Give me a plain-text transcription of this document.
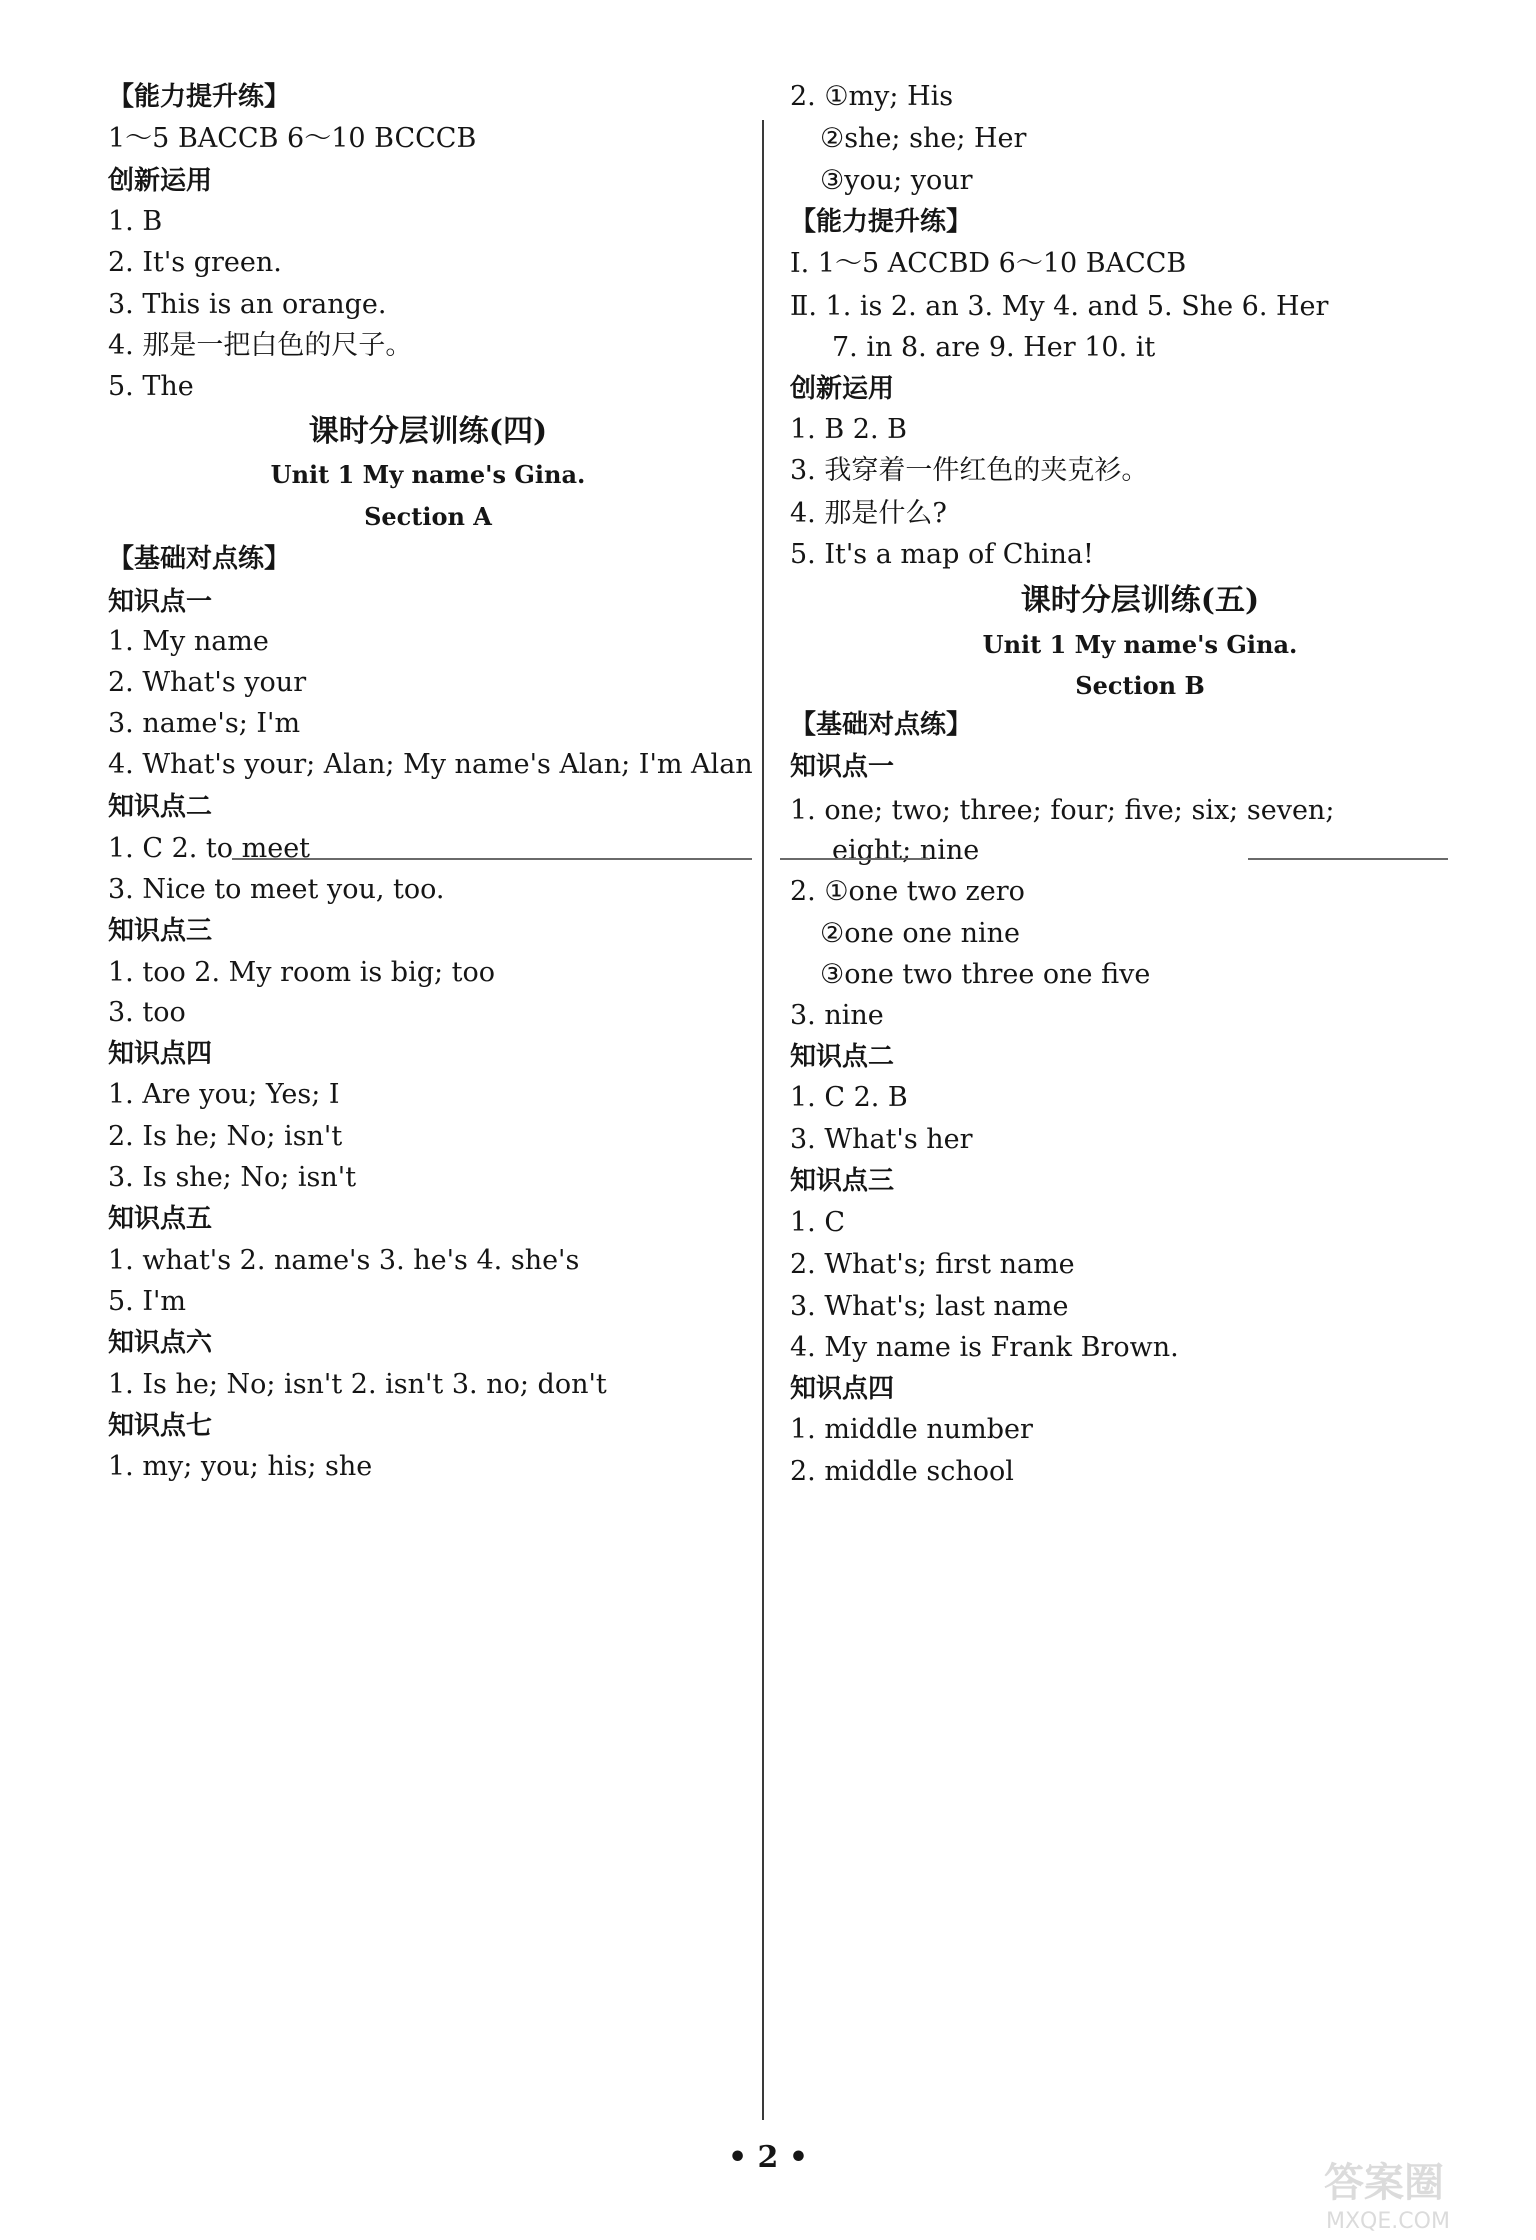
【能力提升练】
1～5 BACCB 6～10 BCCCB
创新运用
1. B
2. It's green.
3. This is an orange.
4. 那是一把白色的尺子。
5. The
课时分层训练(四)
Unit 1 My name's Gina.
Section A
【基础对点练】
知识点一
1. My name
2. What's your
3. name's; I'm
4. What's your; Alan; My name's Alan; I'm Alan
知识点二
1. C 2. to meet
3. Nice to meet you, too.
知识点三
1. too 2. My room is big; too
3. too
知识点四
1. Are you; Yes; I
2. Is he; No; isn't
3. Is she; No; isn't
知识点五
1. what's 2. name's 3. he's 4. she's
5. I'm
知识点六
1. Is he; No; isn't 2. isn't 3. no; don't
知识点七
1. my; you; his; she
2. ①my; His
②she; she; Her
③you; your
【能力提升练】
Ⅰ. 1～5 ACCBD 6～10 BACCB
Ⅱ. 1. is 2. an 3. My 4. and 5. She 6. Her
7. in 8. are 9. Her 10. it
创新运用
1. B 2. B
3. 我穿着一件红色的夹克衫。
4. 那是什么?
5. It's a map of China!
课时分层训练(五)
Unit 1 My name's Gina.
Section B
【基础对点练】
知识点一
1. one; two; three; four; five; six; seven;
eight; nine
2. ①one two zero
②one one nine
③one two three one five
3. nine
知识点二
1. C 2. B
3. What's her
知识点三
1. C
2. What's; first name
3. What's; last name
4. My name is Frank Brown.
知识点四
1. middle number
2. middle school
• 2 •
答案圈
MXQE.COM
